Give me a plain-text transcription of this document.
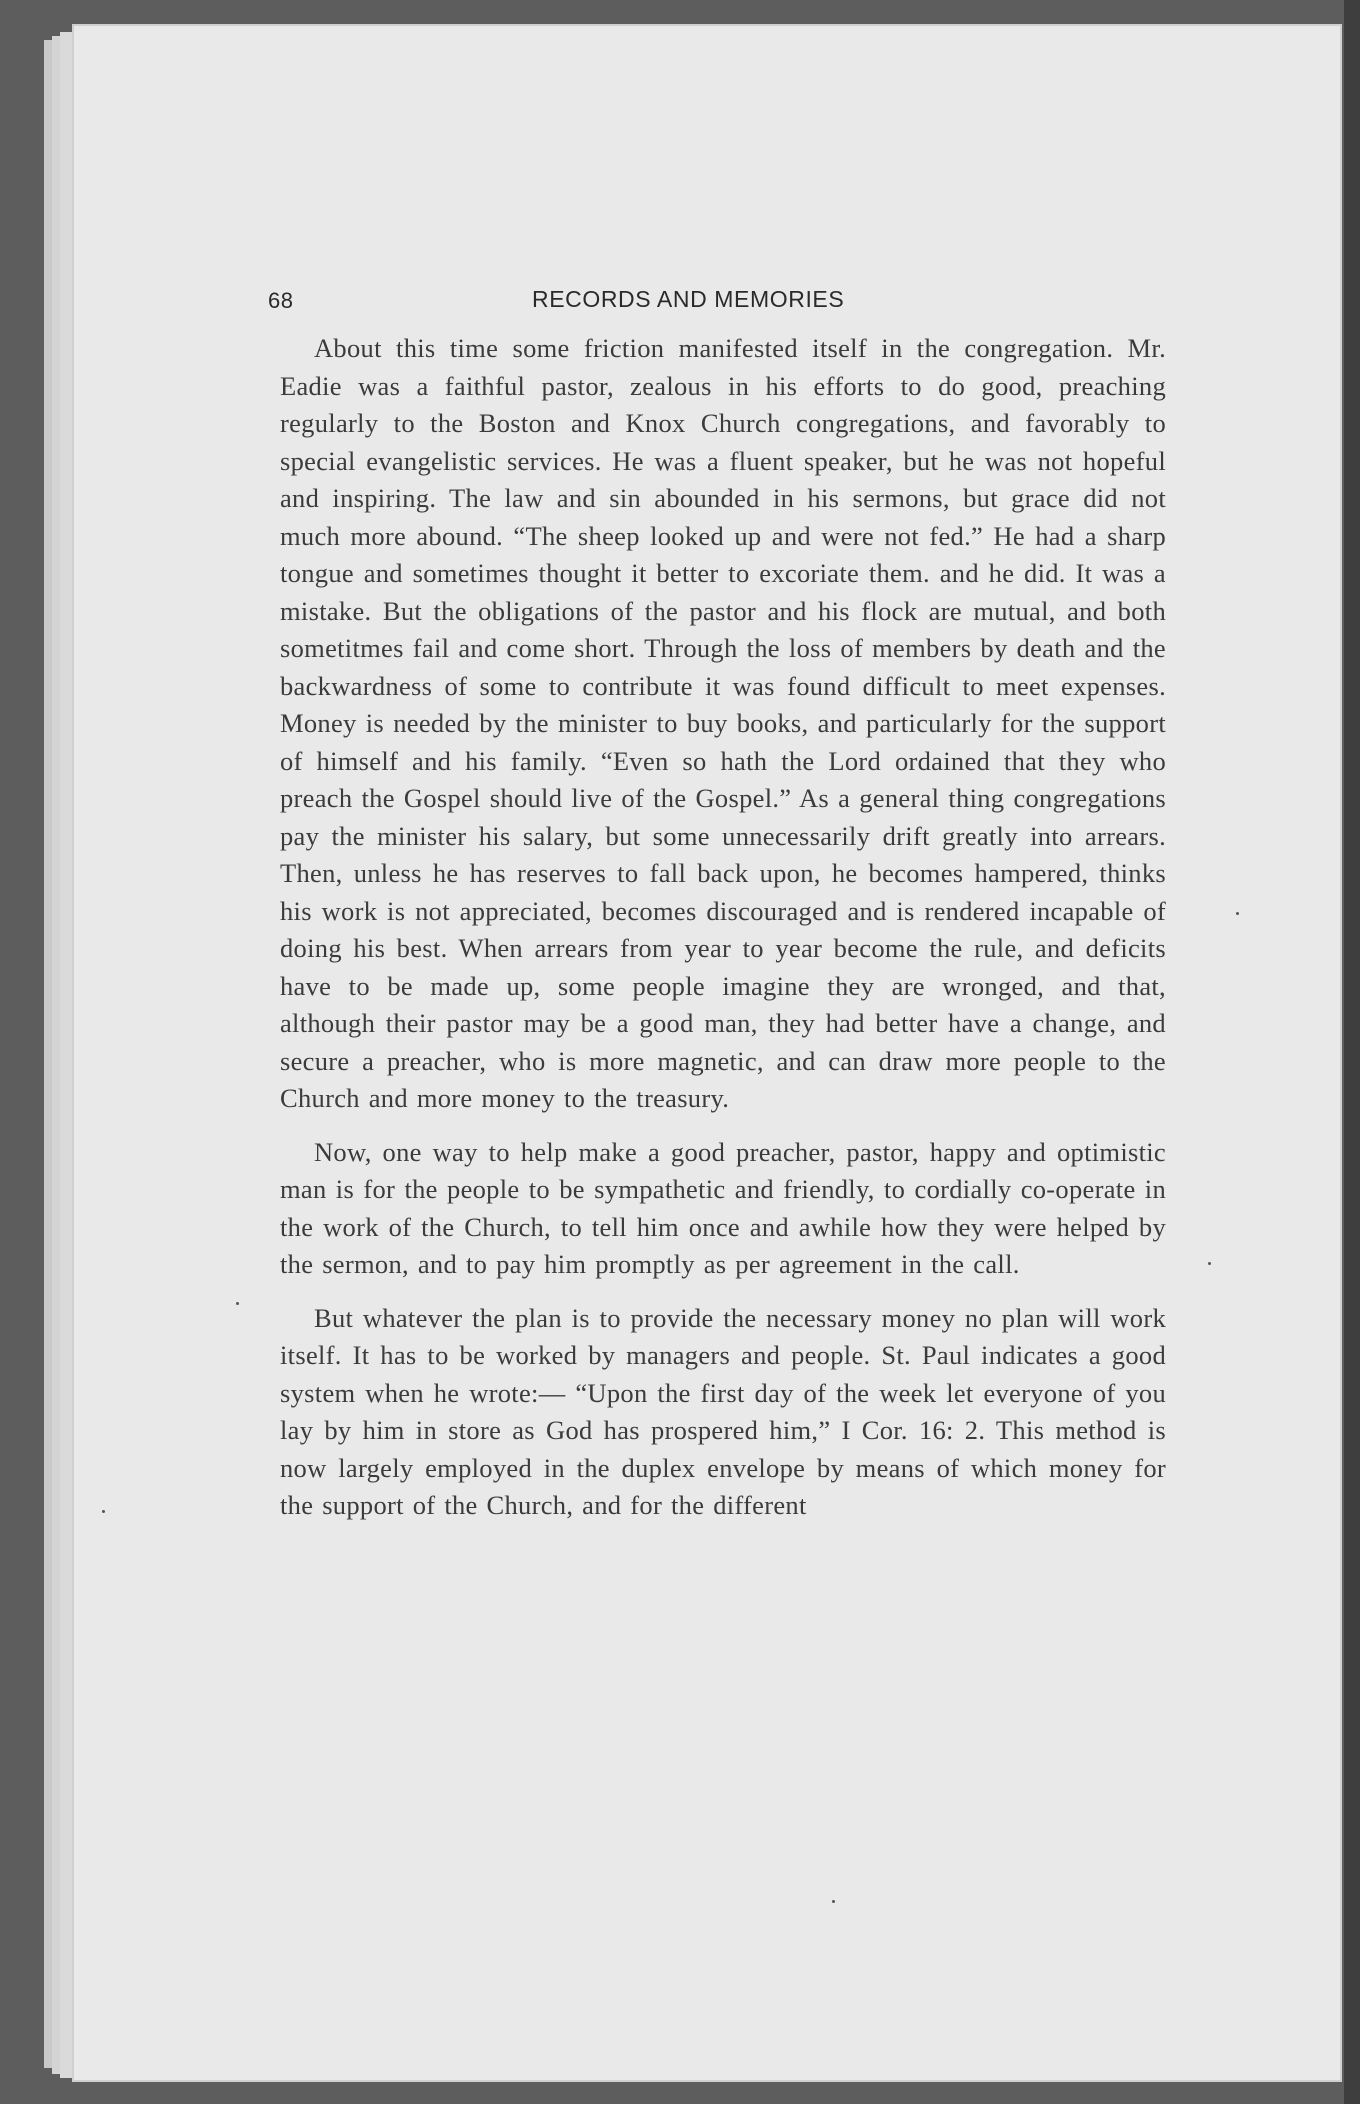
68	RECORDS AND MEMORIES

About this time some friction manifested itself in the congregation. Mr. Eadie was a faithful pastor, zealous in his efforts to do good, preaching regularly to the Boston and Knox Church congregations, and favorably to special evangelistic services. He was a fluent speaker, but he was not hopeful and inspiring. The law and sin abounded in his sermons, but grace did not much more abound. “The sheep looked up and were not fed.” He had a sharp tongue and sometimes thought it better to excoriate them. and he did. It was a mistake. But the obligations of the pastor and his flock are mutual, and both sometitmes fail and come short. Through the loss of members by death and the backwardness of some to contribute it was found difficult to meet expenses. Money is needed by the minister to buy books, and particularly for the support of himself and his family. “Even so hath the Lord ordained that they who preach the Gospel should live of the Gospel.” As a general thing congregations pay the minister his salary, but some unnecessarily drift greatly into arrears. Then, unless he has reserves to fall back upon, he becomes hampered, thinks his work is not appreciated, becomes discouraged and is rendered incapable of doing his best. When arrears from year to year become the rule, and deficits have to be made up, some people imagine they are wronged, and that, although their pastor may be a good man, they had better have a change, and secure a preacher, who is more magnetic, and can draw more people to the Church and more money to the treasury.

Now, one way to help make a good preacher, pastor, happy and optimistic man is for the people to be sympathetic and friendly, to cordially co-operate in the work of the Church, to tell him once and awhile how they were helped by the sermon, and to pay him promptly as per agreement in the call.

But whatever the plan is to provide the necessary money no plan will work itself. It has to be worked by managers and people. St. Paul indicates a good system when he wrote:— “Upon the first day of the week let everyone of you lay by him in store as God has prospered him,” I Cor. 16: 2. This method is now largely employed in the duplex envelope by means of which money for the support of the Church, and for the different
